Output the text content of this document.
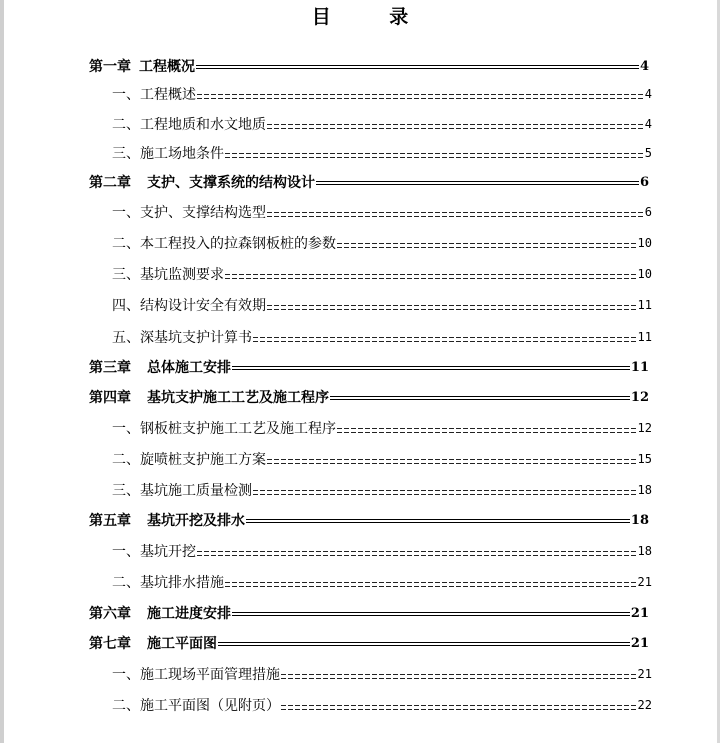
目 录
第一章 工程概况	4
一、工程概述	4
二、工程地质和水文地质	4
三、施工场地条件	5
第二章 支护、支撑系统的结构设计	6
一、支护、支撑结构选型	6
二、本工程投入的拉森钢板桩的参数	10
三、基坑监测要求	10
四、结构设计安全有效期	11
五、深基坑支护计算书	11
第三章 总体施工安排	11
第四章 基坑支护施工工艺及施工程序	12
一、钢板桩支护施工工艺及施工程序	12
二、旋喷桩支护施工方案	15
三、基坑施工质量检测	18
第五章 基坑开挖及排水	18
一、基坑开挖	18
二、基坑排水措施	21
第六章 施工进度安排	21
第七章 施工平面图	21
一、施工现场平面管理措施	21
二、施工平面图（见附页）	22
